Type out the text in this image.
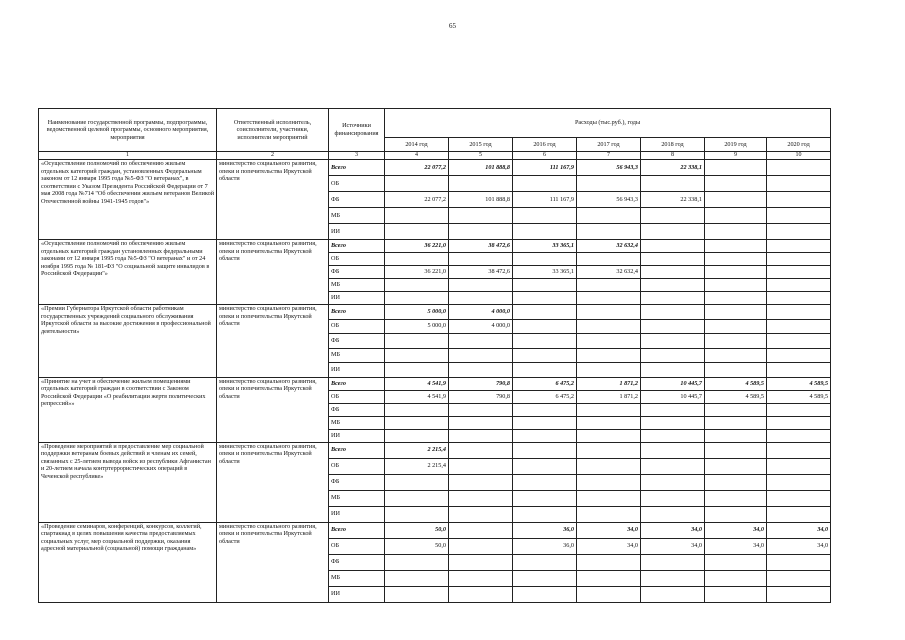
65
Наименование государственной программы, подпрограммы, ведомственной целевой программы, основного мероприятия, мероприятия	Ответственный исполнитель, соисполнители, участники, исполнители мероприятий	Источники финансирования	Расходы (тыс.руб.), годы						
			2014 год	2015 год	2016 год	2017 год	2018 год	2019 год	2020 год
1	2	3	4	5	6	7	8	9	10
«Осуществление полномочий по обеспечению жильем отдельных категорий граждан, установленных Федеральным законом от 12 января 1995 года №5-ФЗ "О ветеранах", в соответствии с Указом Президента Российской Федерации от 7 мая 2008 года №714 "Об обеспечении жильем ветеранов Великой Отечественной войны 1941-1945 годов"»	министерство социального развития, опеки и попечительства Иркутской области	Всего	22 077,2	101 888,8	111 167,9	56 943,3	22 338,1		
		ОБ							
		ФБ	22 077,2	101 888,8	111 167,9	56 943,3	22 338,1		
		МБ							
		ИИ							
«Осуществление полномочий по обеспечению жильем отдельных категорий граждан установленных федеральными законами от 12 января 1995 года №5-ФЗ "О ветеранах" и от 24 ноября 1995 года № 181-ФЗ "О социальной защите инвалидов в Российской Федерации"»	министерство социального развития, опеки и попечительства Иркутской области	Всего	36 221,0	38 472,6	33 365,1	32 632,4			
		ОБ							
		ФБ	36 221,0	38 472,6	33 365,1	32 632,4			
		МБ							
		ИИ							
«Премии Губернатора Иркутской области работникам государственных учреждений социального обслуживания Иркутской области за высокие достижения в профессиональной деятельности»	министерство социального развития, опеки и попечительства Иркутской области	Всего	5 000,0	4 000,0					
		ОБ	5 000,0	4 000,0					
		ФБ							
		МБ							
		ИИ							
«Принятие на учет и обеспечение жильем помещениями отдельных категорий граждан в соответствии с Законом Российской Федерации «О реабилитации жертв политических репрессий»»	министерство социального развития, опеки и попечительства Иркутской области	Всего	4 541,9	790,8	6 475,2	1 871,2	10 445,7	4 589,5	4 589,5
		ОБ	4 541,9	790,8	6 475,2	1 871,2	10 445,7	4 589,5	4 589,5
		ФБ							
		МБ							
		ИИ							
«Проведение мероприятий и предоставление мер социальной поддержки ветеранам боевых действий и членам их семей, связанных с 25-летием вывода войск из республики Афганистан и 20-летием начала контртеррористических операций в Чеченской республике»	министерство социального развития, опеки и попечительства Иркутской области	Всего	2 215,4						
		ОБ	2 215,4						
		ФБ							
		МБ							
		ИИ							
«Проведение семинаров, конференций, конкурсов, коллегий, спартакиад в целях повышения качества предоставляемых социальных услуг, мер социальной поддержки, оказания адресной материальной (социальной) помощи гражданам»	министерство социального развития, опеки и попечительства Иркутской области	Всего	50,0		36,0	34,0	34,0	34,0	34,0
		ОБ	50,0		36,0	34,0	34,0	34,0	34,0
		ФБ							
		МБ							
		ИИ							
